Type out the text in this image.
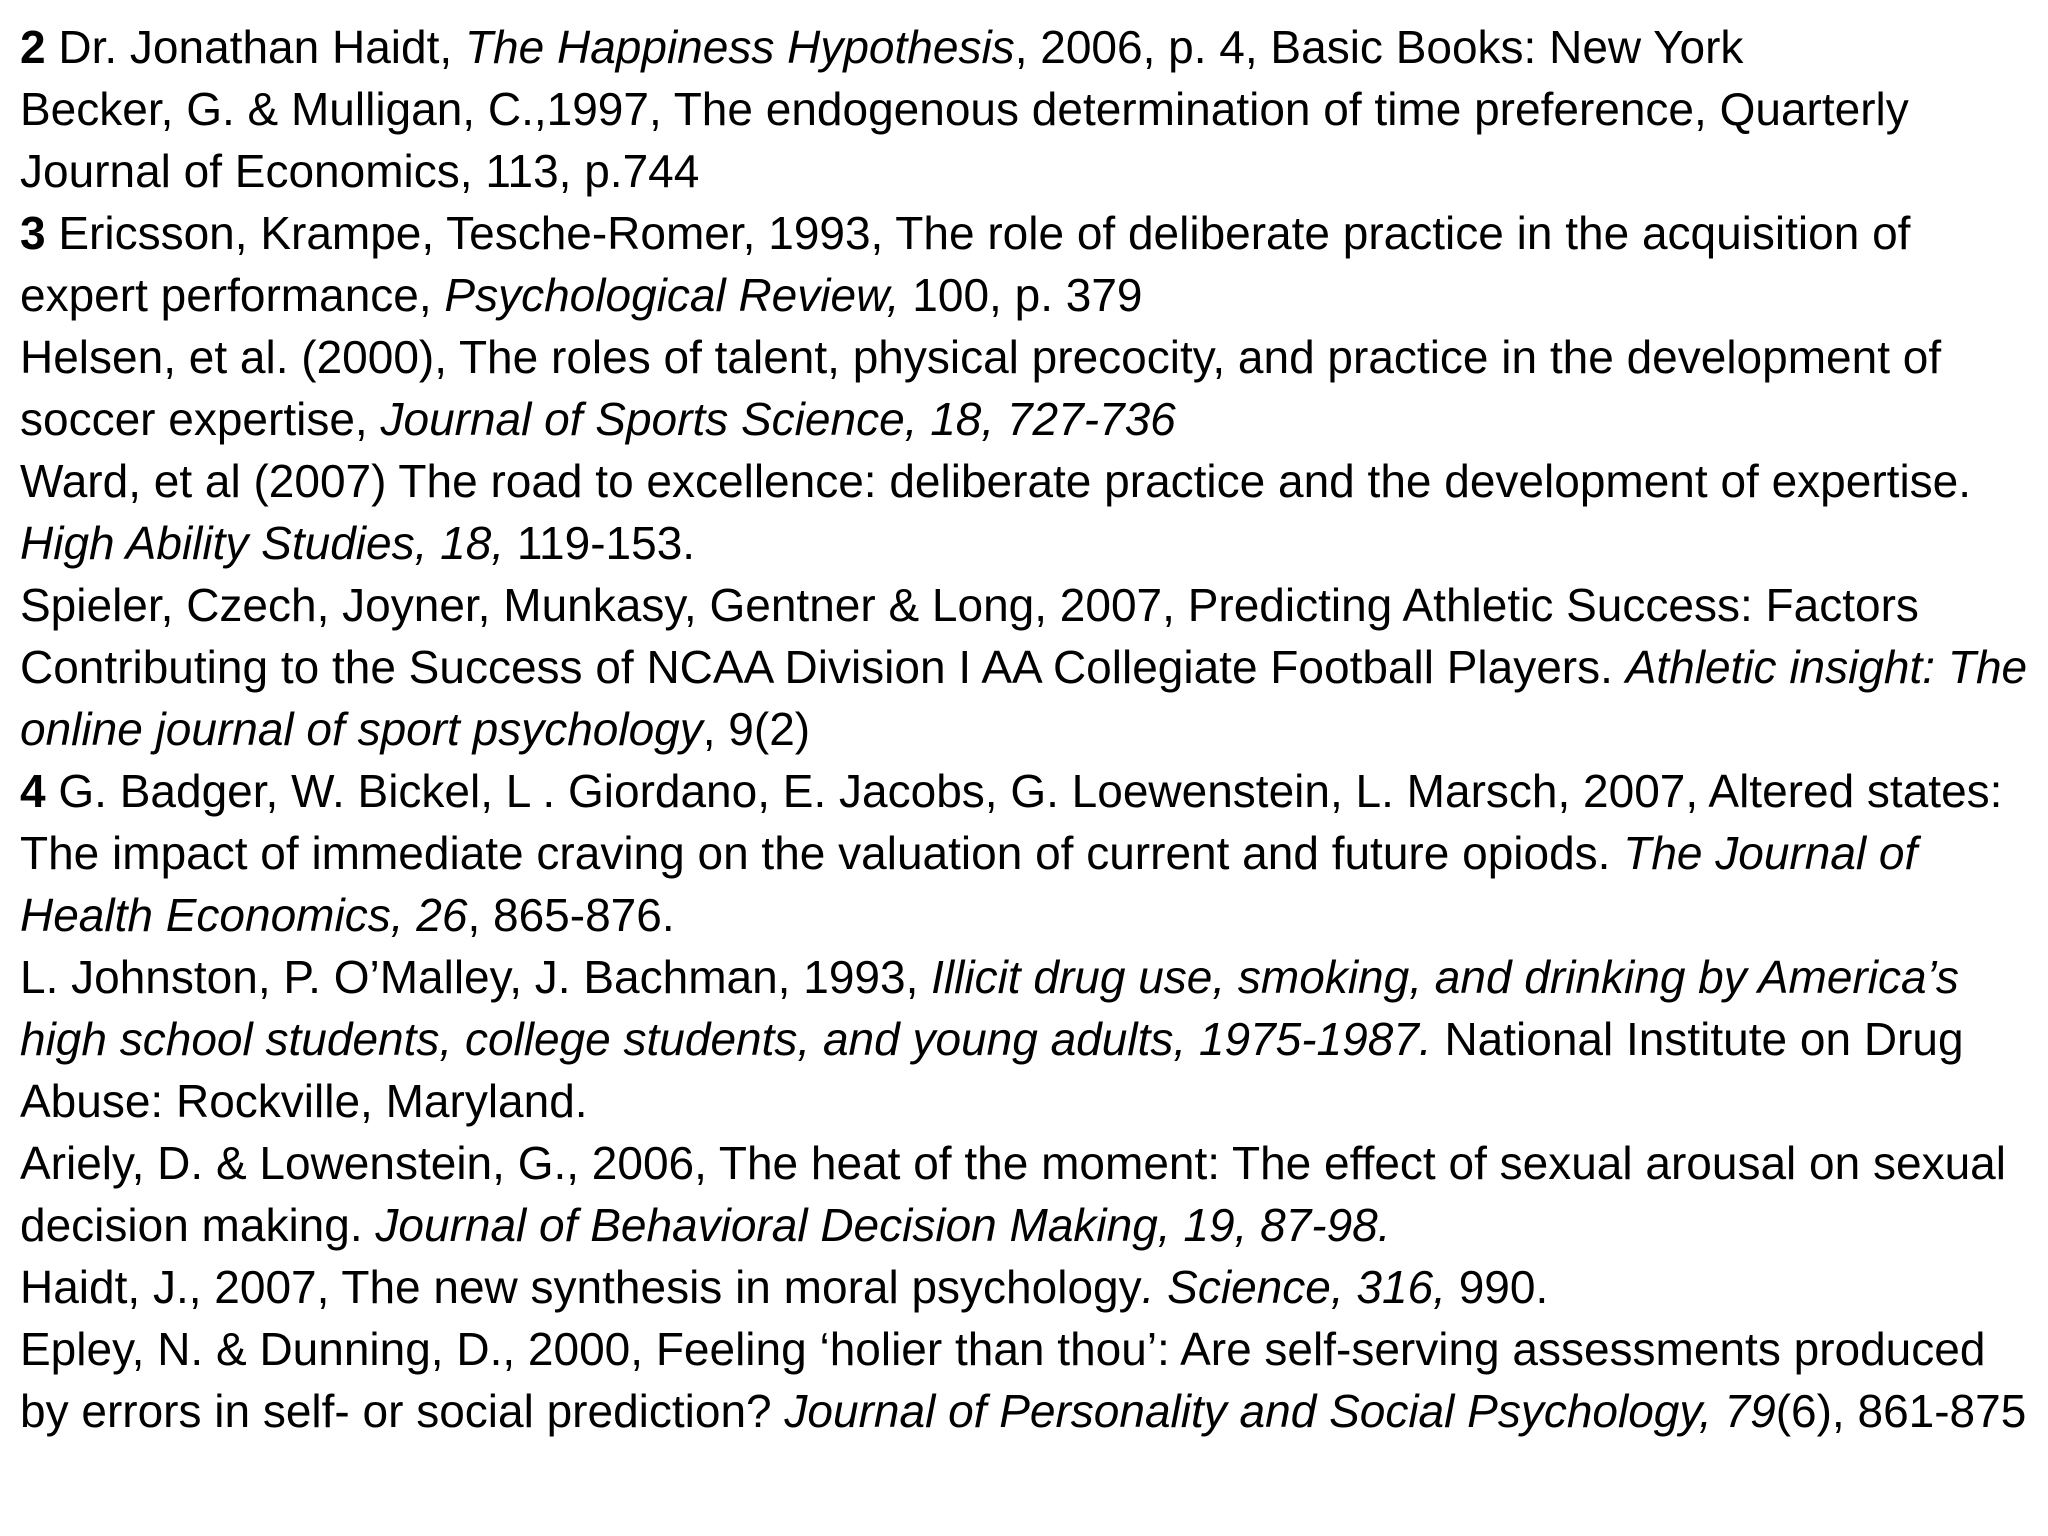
2 Dr. Jonathan Haidt, The Happiness Hypothesis, 2006, p. 4, Basic Books: New York

Becker, G. & Mulligan, C.,1997, The endogenous determination of time preference, Quarterly Journal of Economics, 113, p.744

3 Ericsson, Krampe, Tesche-Romer, 1993, The role of deliberate practice in the acquisition of expert performance, Psychological Review, 100, p. 379

Helsen, et al. (2000), The roles of talent, physical precocity, and practice in the development of soccer expertise, Journal of Sports Science, 18, 727-736

Ward, et al (2007) The road to excellence: deliberate practice and the development of expertise. High Ability Studies, 18, 119-153.

Spieler, Czech, Joyner, Munkasy, Gentner & Long, 2007, Predicting Athletic Success: Factors Contributing to the Success of NCAA Division I AA Collegiate Football Players. Athletic insight: The online journal of sport psychology, 9(2)

4 G. Badger, W. Bickel, L . Giordano, E. Jacobs, G. Loewenstein, L. Marsch, 2007, Altered states: The impact of immediate craving on the valuation of current and future opiods. The Journal of Health Economics, 26, 865-876.

L. Johnston, P. O’Malley, J. Bachman, 1993, Illicit drug use, smoking, and drinking by America’s high school students, college students, and young adults, 1975-1987. National Institute on Drug Abuse: Rockville, Maryland.

Ariely, D. & Lowenstein, G., 2006, The heat of the moment: The effect of sexual arousal on sexual decision making. Journal of Behavioral Decision Making, 19, 87-98.

Haidt, J., 2007, The new synthesis in moral psychology. Science, 316, 990.

Epley, N. & Dunning, D., 2000, Feeling ‘holier than thou’: Are self-serving assessments produced by errors in self- or social prediction? Journal of Personality and Social Psychology, 79(6), 861-875
